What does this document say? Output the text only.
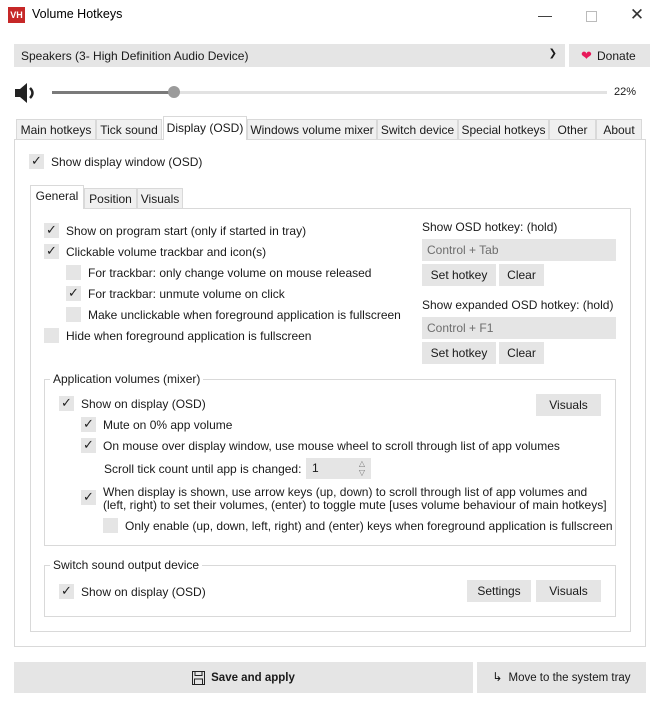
VH Volume Hotkeys	—	✕
Speakers (3- High Definition Audio Device)	❯ ❤ Donate
22%
Main hotkeys Tick sound Display (OSD) Windows volume mixer Switch device Special hotkeys Other	About
✓ Show display window (OSD)
General Position Visuals
✓ Show on program start (only if started in tray)
✓ Clickable volume trackbar and icon(s)
For trackbar: only change volume on mouse released
✓ For trackbar: unmute volume on click
Make unclickable when foreground application is fullscreen
Hide when foreground application is fullscreen
Show OSD hotkey: (hold)
Control + Tab
Set hotkey	Clear
Show expanded OSD hotkey: (hold)
Control + F1
Set hotkey	Clear
Application volumes (mixer)
✓ Show on display (OSD)	Visuals
✓ Mute on 0% app volume
✓ On mouse over display window, use mouse wheel to scroll through list of app volumes
Scroll tick count until app is changed: 1	△
▽
✓ When display is shown, use arrow keys (up, down) to scroll through list of app volumes and
(left, right) to set their volumes, (enter) to toggle mute [uses volume behaviour of main hotkeys]
Only enable (up, down, left, right) and (enter) keys when foreground application is fullscreen
Switch sound output device
✓ Show on display (OSD)	Settings	Visuals
Save and apply	↳ Move to the system tray
